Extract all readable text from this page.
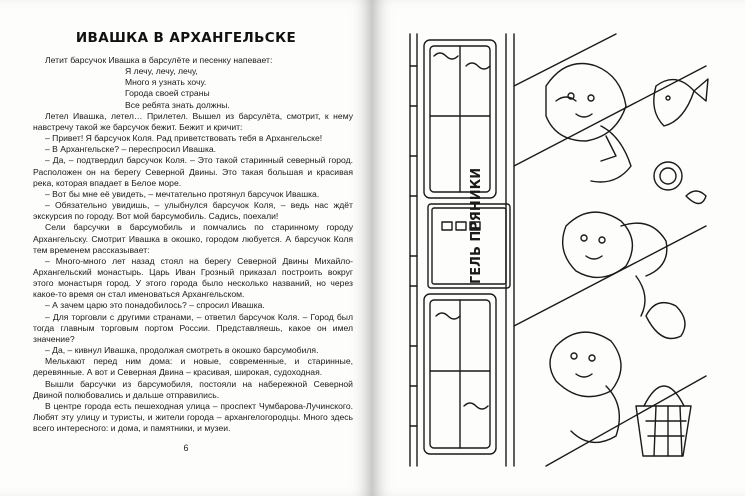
ИВАШКА В АРХАНГЕЛЬСКЕ

Летит барсучок Ивашка в барсулёте и песенку напевает:

Я лечу, лечу, лечу,

Много я узнать хочу.

Города своей страны

Все ребята знать должны.

Летел Ивашка, летел… Прилетел. Вышел из барсулёта, смотрит, к нему навстречу такой же барсучок бежит. Бежит и кричит:

– Привет! Я барсучок Коля. Рад приветствовать тебя в Архангельске!

– В Архангельске? – переспросил Ивашка.

– Да, – подтвердил барсучок Коля. – Это такой старинный северный город. Расположен он на берегу Северной Двины. Это такая большая и красивая река, которая впадает в Белое море.

– Вот бы мне её увидеть, – мечтательно протянул барсучок Ивашка.

– Обязательно увидишь, – улыбнулся барсучок Коля, – ведь нас ждёт экскурсия по городу. Вот мой барсумобиль. Садись, поехали!

Сели барсучки в барсумобиль и помчались по старинному городу Архангельску. Смотрит Ивашка в окошко, городом любуется. А барсучок Коля тем временем рассказывает:

– Много-много лет назад стоял на берегу Северной Двины Михайло-Архангельский монастырь. Царь Иван Грозный приказал построить вокруг этого монастыря город. У этого города было несколько названий, но через какое-то время он стал именоваться Архангельском.

– А зачем царю это понадобилось? – спросил Ивашка.

– Для торговли с другими странами, – ответил барсучок Коля. – Город был тогда главным торговым портом России. Представляешь, какое он имел значение?

– Да, – кивнул Ивашка, продолжая смотреть в окошко барсумобиля.

Мелькают перед ним дома: и новые, современные, и старинные, деревянные. А вот и Северная Двина – красивая, широкая, судоходная.

Вышли барсучки из барсумобиля, постояли на набережной Северной Двиной полюбовались и дальше отправились.

В центре города есть пешеходная улица – проспект Чумбарова-Лучинского. Любят эту улицу и туристы, и жители города – архангелогородцы. Много здесь всего интересного: и дома, и памятники, и музеи.

6
ГЕЛЬ ПРЯНИКИ
